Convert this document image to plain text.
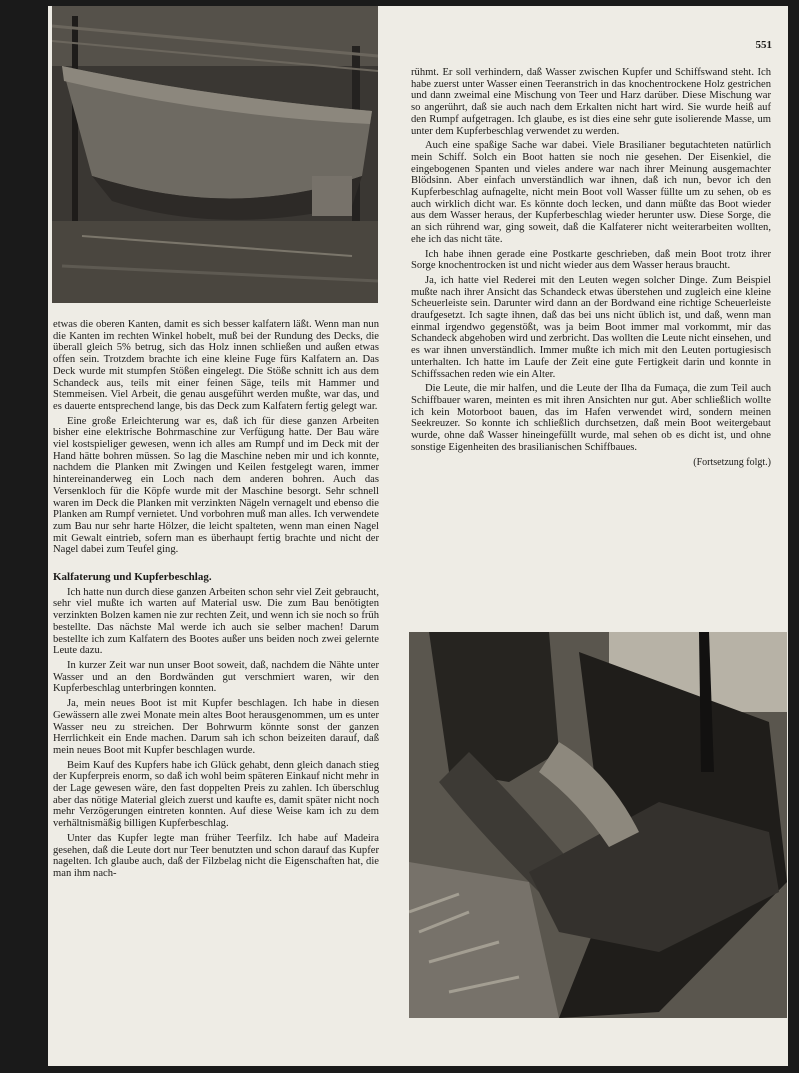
551

etwas die oberen Kanten, damit es sich besser kalfatern läßt. Wenn man nun die Kanten im rechten Winkel hobelt, muß bei der Rundung des Decks, die überall gleich 5% betrug, sich das Holz innen schließen und außen etwas offen sein. Trotzdem brachte ich eine kleine Fuge fürs Kalfatern an. Das Deck wurde mit stumpfen Stößen eingelegt. Die Stöße schnitt ich aus dem Schandeck aus, teils mit einer feinen Säge, teils mit Hammer und Stemmeisen. Viel Arbeit, die genau ausgeführt werden mußte, war das, und es dauerte entsprechend lange, bis das Deck zum Kalfatern fertig gelegt war.

Eine große Erleichterung war es, daß ich für diese ganzen Arbeiten bisher eine elektrische Bohrmaschine zur Verfügung hatte. Der Bau wäre viel kostspieliger gewesen, wenn ich alles am Rumpf und im Deck mit der Hand hätte bohren müssen. So lag die Maschine neben mir und ich konnte, nachdem die Planken mit Zwingen und Keilen festgelegt waren, immer hintereinanderweg ein Loch nach dem anderen bohren. Auch das Versenkloch für die Köpfe wurde mit der Maschine besorgt. Sehr schnell waren im Deck die Planken mit verzinkten Nägeln vernagelt und ebenso die Planken am Rumpf vernietet. Und vorbohren muß man alles. Ich verwendete zum Bau nur sehr harte Hölzer, die leicht spalteten, wenn man einen Nagel mit Gewalt eintrieb, sofern man es überhaupt fertig brachte und nicht der Nagel dabei zum Teufel ging.

Kalfaterung und Kupferbeschlag.

Ich hatte nun durch diese ganzen Arbeiten schon sehr viel Zeit gebraucht, sehr viel mußte ich warten auf Material usw. Die zum Bau benötigten verzinkten Bolzen kamen nie zur rechten Zeit, und wenn ich sie noch so früh bestellte. Das nächste Mal werde ich auch sie selber machen! Darum bestellte ich zum Kalfatern des Bootes außer uns beiden noch zwei gelernte Leute dazu.

In kurzer Zeit war nun unser Boot soweit, daß, nachdem die Nähte unter Wasser und an den Bordwänden gut verschmiert waren, wir den Kupferbeschlag unterbringen konnten.

Ja, mein neues Boot ist mit Kupfer beschlagen. Ich habe in diesen Gewässern alle zwei Monate mein altes Boot herausgenommen, um es unter Wasser neu zu streichen. Der Bohrwurm könnte sonst der ganzen Herrlichkeit ein Ende machen. Darum sah ich schon beizeiten darauf, daß mein neues Boot mit Kupfer beschlagen wurde.

Beim Kauf des Kupfers habe ich Glück gehabt, denn gleich danach stieg der Kupferpreis enorm, so daß ich wohl beim späteren Einkauf nicht mehr in der Lage gewesen wäre, den fast doppelten Preis zu zahlen. Ich überschlug aber das nötige Material gleich zuerst und kaufte es, damit später nicht noch mehr Verzögerungen eintreten konnten. Auf diese Weise kam ich zu dem verhältnismäßig billigen Kupferbeschlag.

Unter das Kupfer legte man früher Teerfilz. Ich habe auf Madeira gesehen, daß die Leute dort nur Teer benutzten und schon darauf das Kupfer nagelten. Ich glaube auch, daß der Filzbelag nicht die Eigenschaften hat, die man ihm nach-

rühmt. Er soll verhindern, daß Wasser zwischen Kupfer und Schiffswand steht. Ich habe zuerst unter Wasser einen Teeranstrich in das knochentrockene Holz gestrichen und dann zweimal eine Mischung von Teer und Harz darüber. Diese Mischung war so angerührt, daß sie auch nach dem Erkalten nicht hart wird. Sie wurde heiß auf den Rumpf aufgetragen. Ich glaube, es ist dies eine sehr gute isolierende Masse, um unter dem Kupferbeschlag verwendet zu werden.

Auch eine spaßige Sache war dabei. Viele Brasilianer begutachteten natürlich mein Schiff. Solch ein Boot hatten sie noch nie gesehen. Der Eisenkiel, die eingebogenen Spanten und vieles andere war nach ihrer Meinung ausgemachter Blödsinn. Aber einfach unverständlich war ihnen, daß ich nun, bevor ich den Kupferbeschlag aufnagelte, nicht mein Boot voll Wasser füllte um zu sehen, ob es auch wirklich dicht war. Es könnte doch lecken, und dann müßte das Boot wieder aus dem Wasser heraus, der Kupferbeschlag wieder herunter usw. Diese Sorge, die an sich rührend war, ging soweit, daß die Kalfaterer nicht weiterarbeiten wollten, ehe ich das nicht täte.

Ich habe ihnen gerade eine Postkarte geschrieben, daß mein Boot trotz ihrer Sorge knochentrocken ist und nicht wieder aus dem Wasser heraus braucht.

Ja, ich hatte viel Rederei mit den Leuten wegen solcher Dinge. Zum Beispiel mußte nach ihrer Ansicht das Schandeck etwas überstehen und zugleich eine kleine Scheuerleiste sein. Darunter wird dann an der Bordwand eine richtige Scheuerleiste draufgesetzt. Ich sagte ihnen, daß das bei uns nicht üblich ist, und daß, wenn man einmal irgendwo gegenstößt, was ja beim Boot immer mal vorkommt, mir das Schandeck abgehoben wird und zerbricht. Das wollten die Leute nicht einsehen, und es war ihnen unverständlich. Immer mußte ich mich mit den Leuten portugiesisch unterhalten. Ich hatte im Laufe der Zeit eine gute Fertigkeit darin und konnte in Schiffssachen reden wie ein Alter.

Die Leute, die mir halfen, und die Leute der Ilha da Fumaça, die zum Teil auch Schiffbauer waren, meinten es mit ihren Ansichten nur gut. Aber schließlich wollte ich kein Motorboot bauen, das im Hafen verwendet wird, sondern meinen Seekreuzer. So konnte ich schließlich durchsetzen, daß mein Boot weitergebaut wurde, ohne daß Wasser hineingefüllt wurde, mal sehen ob es dicht ist, und ohne sonstige Eigenheiten des brasilianischen Schiffbaues.

(Fortsetzung folgt.)
